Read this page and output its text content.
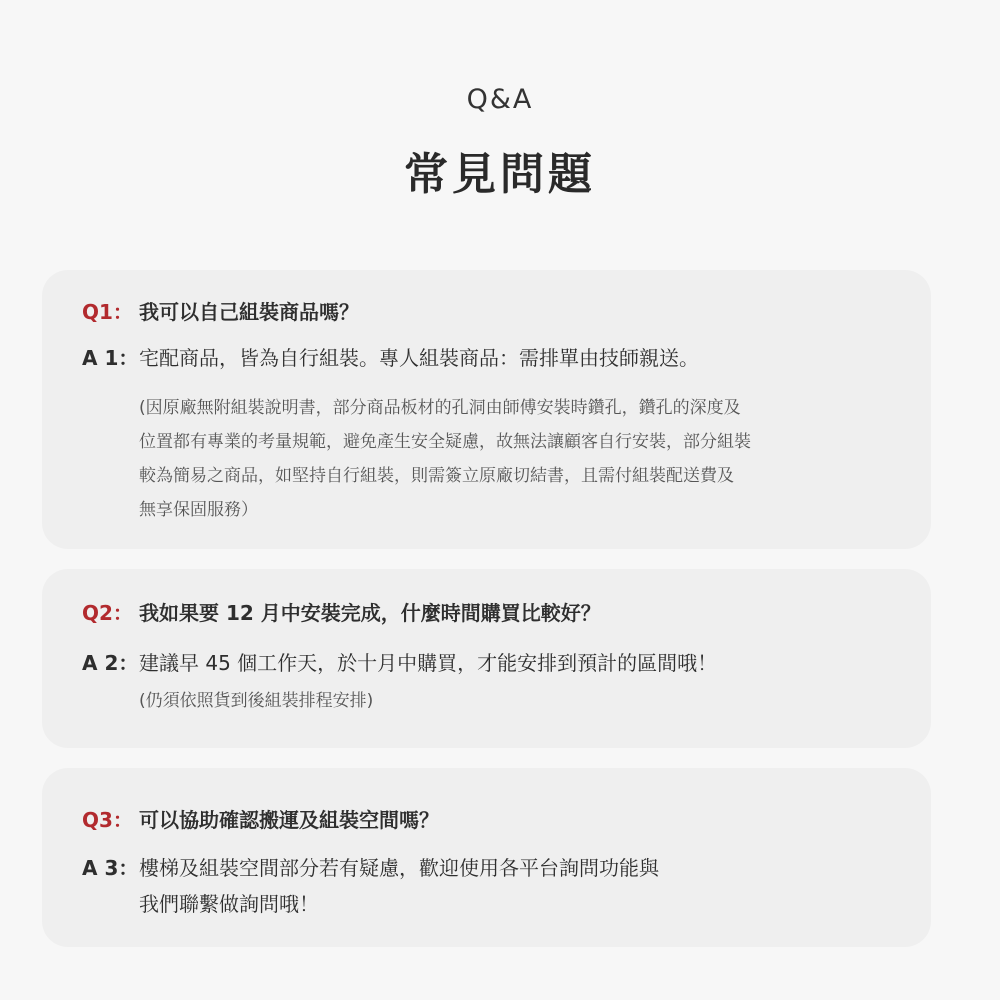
Q&A
常見問題
Q1： 我可以自己組裝商品嗎？
A 1： 宅配商品，皆為自行組裝。專人組裝商品：需排單由技師親送。
(因原廠無附組裝說明書，部分商品板材的孔洞由師傅安裝時鑽孔，鑽孔的深度及
位置都有專業的考量規範，避免產生安全疑慮，故無法讓顧客自行安裝，部分組裝
較為簡易之商品，如堅持自行組裝，則需簽立原廠切結書，且需付組裝配送費及
無享保固服務）
Q2： 我如果要 12 月中安裝完成，什麼時間購買比較好？
A 2： 建議早 45 個工作天，於十月中購買，才能安排到預計的區間哦！
(仍須依照貨到後組裝排程安排)
Q3： 可以協助確認搬運及組裝空間嗎？
A 3： 樓梯及組裝空間部分若有疑慮，歡迎使用各平台詢問功能與
我們聯繫做詢問哦！
